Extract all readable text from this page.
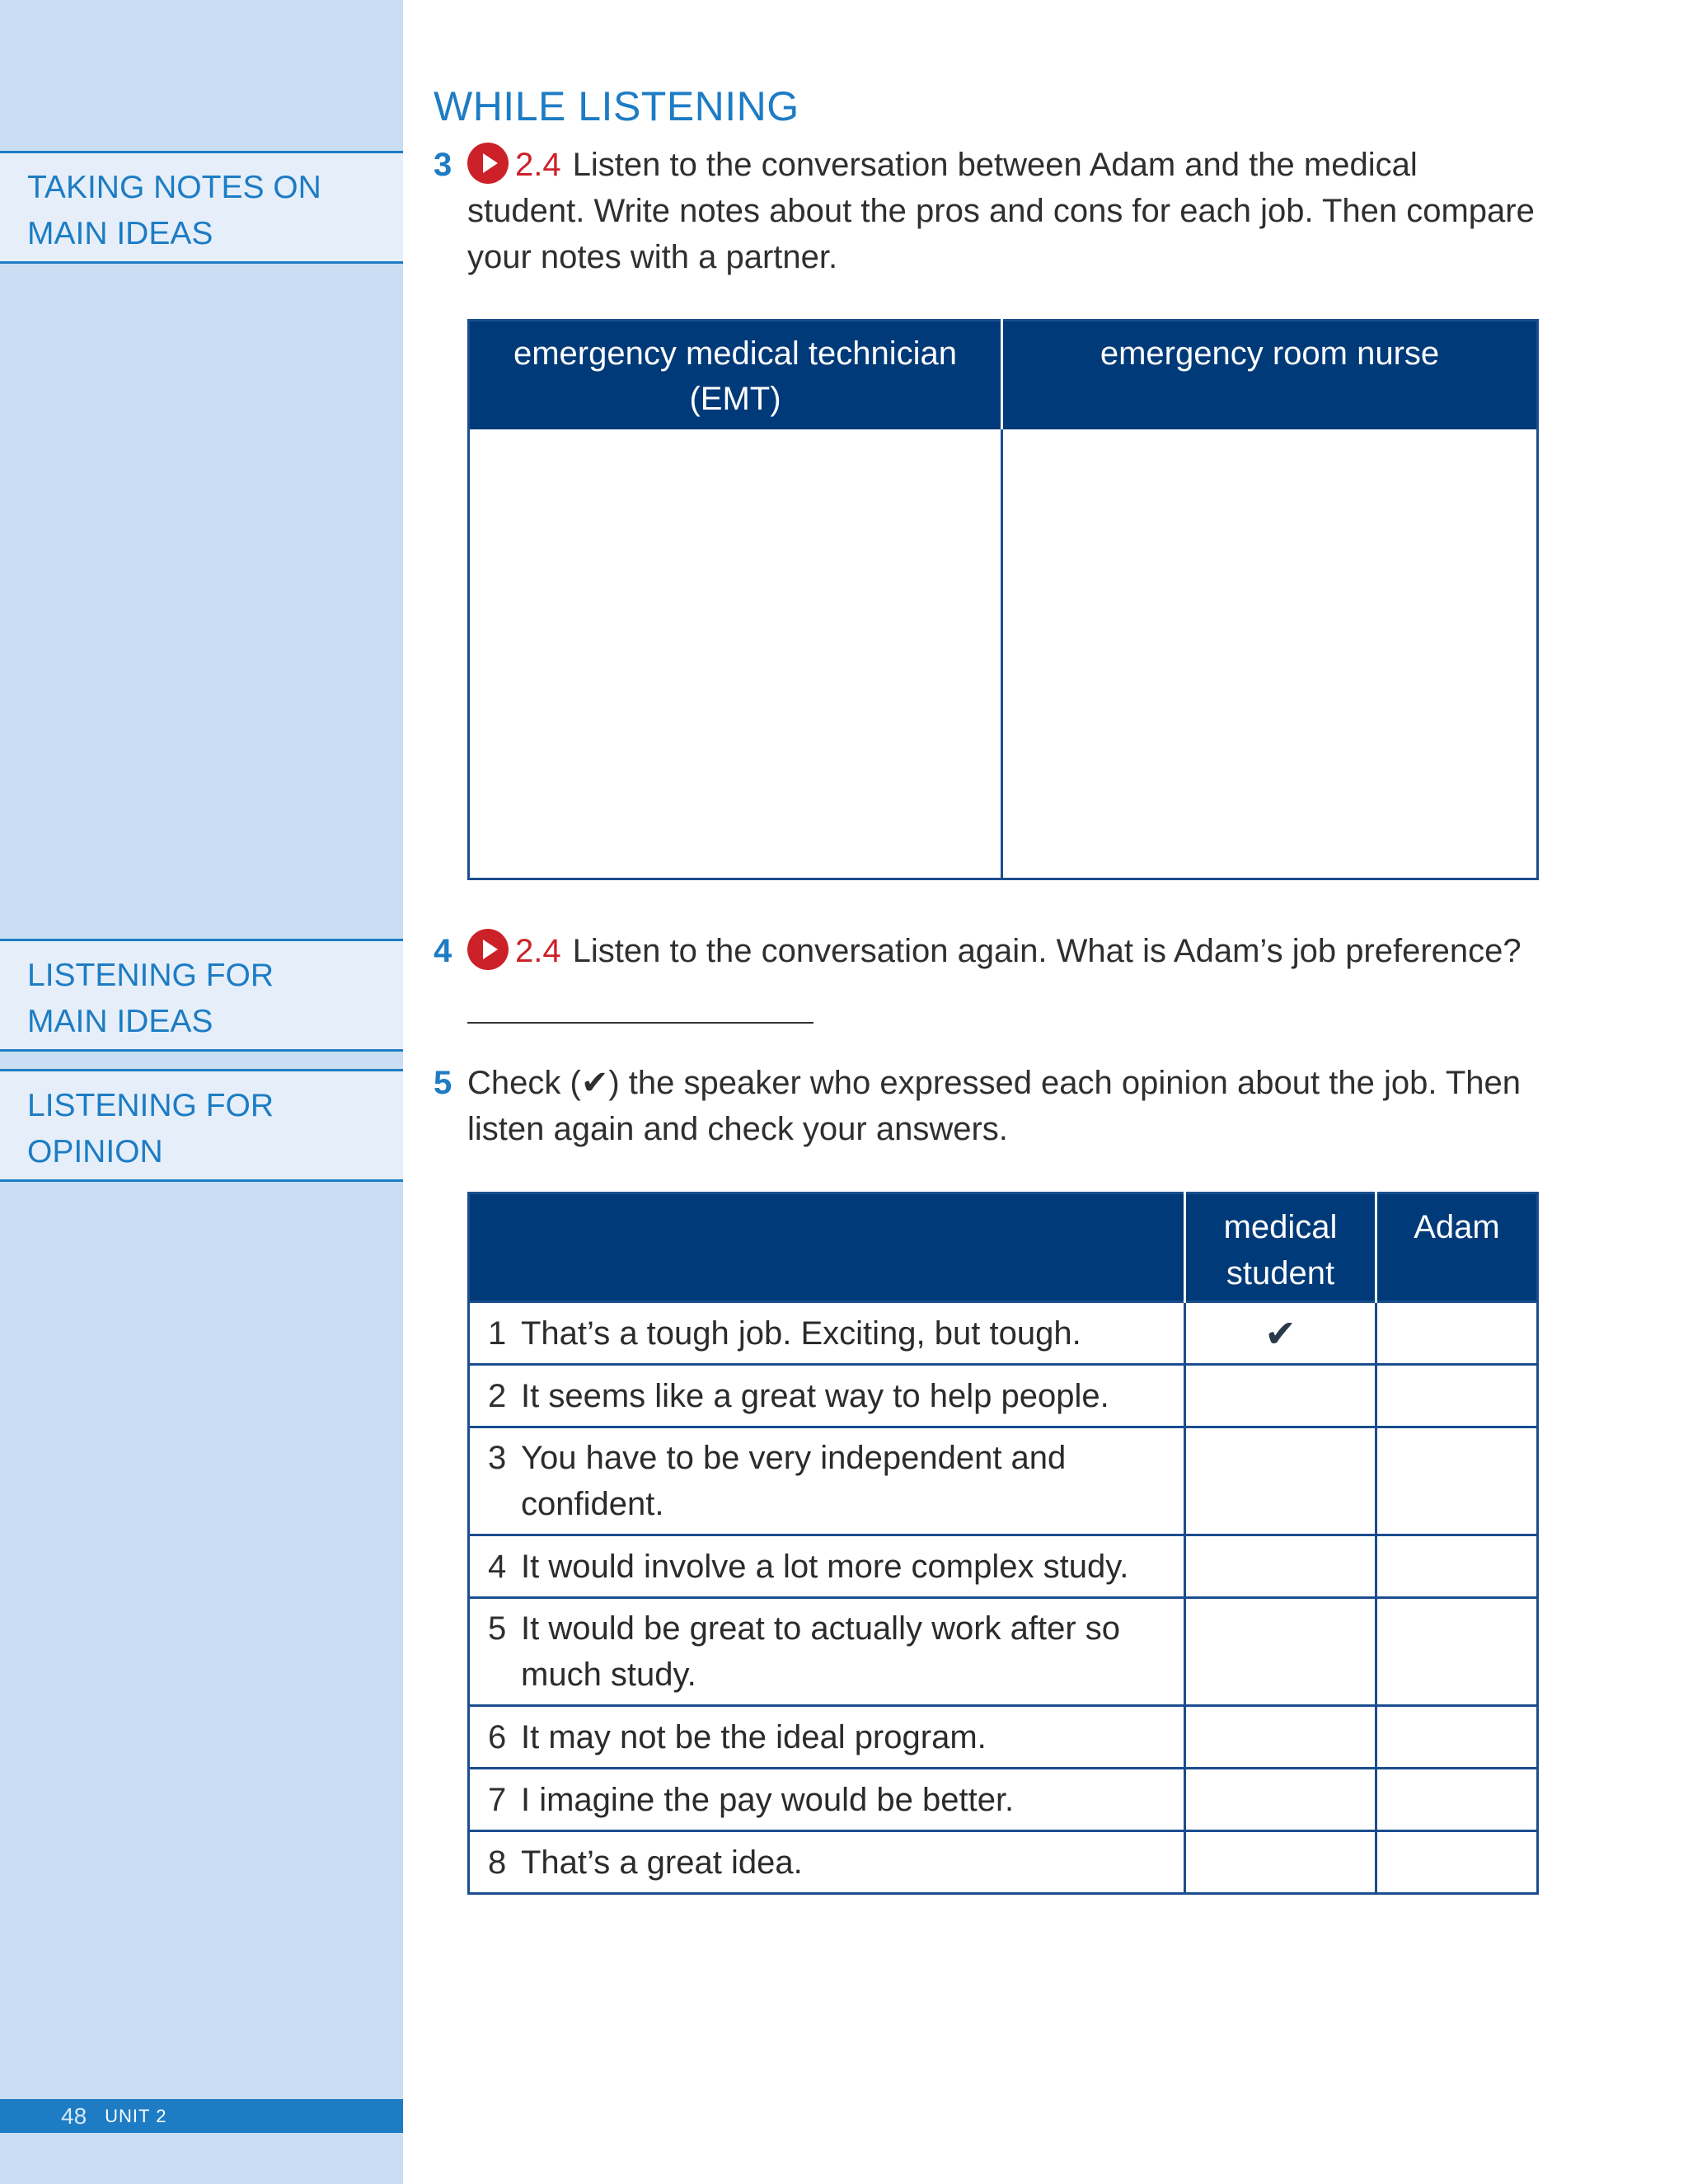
TAKING NOTES ON
MAIN IDEAS
LISTENING FOR
MAIN IDEAS
LISTENING FOR
OPINION
48 UNIT 2
WHILE LISTENING
3	2.4 Listen to the conversation between Adam and the medical student. Write notes about the pros and cons for each job. Then compare your notes with a partner.
emergency medical technician
(EMT)	emergency room nurse

4	2.4 Listen to the conversation again. What is Adam’s job preference?
5 Check (✔) the speaker who expressed each opinion about the job. Then listen again and check your answers.

	medical
student	Adam
1 That’s a tough job. Exciting, but tough.	✔	
2 It seems like a great way to help people.		
3 You have to be very independent and confident.		
4 It would involve a lot more complex study.		
5 It would be great to actually work after so much study.		
6 It may not be the ideal program.		
7 I imagine the pay would be better.		
8 That’s a great idea.		
